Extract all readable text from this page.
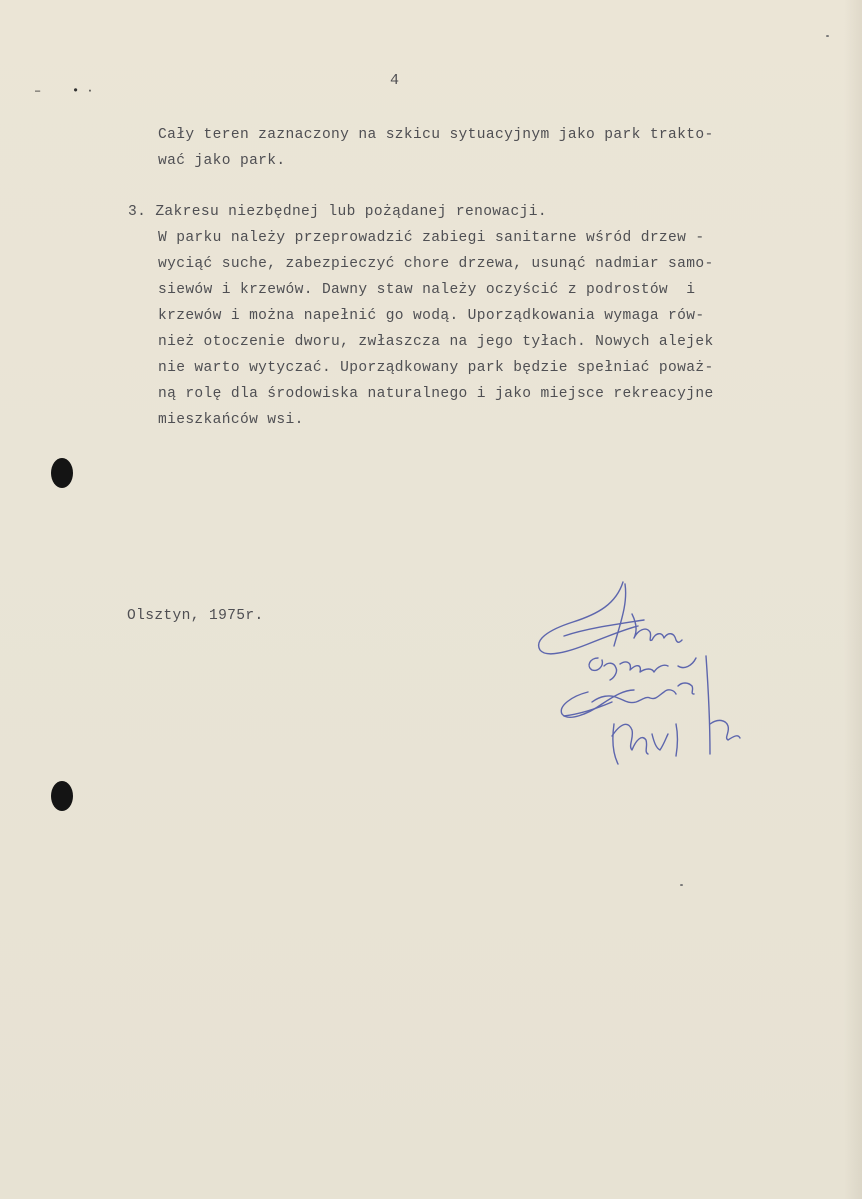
‒	• ·
4
Cały teren zaznaczony na szkicu sytuacyjnym jako park trakto-
wać jako park.
3. Zakresu niezbędnej lub pożądanej renowacji.
W parku należy przeprowadzić zabiegi sanitarne wśród drzew -
wyciąć suche, zabezpieczyć chore drzewa, usunąć nadmiar samo-
siewów i krzewów. Dawny staw należy oczyścić z podrostów  i
krzewów i można napełnić go wodą. Uporządkowania wymaga rów-
nież otoczenie dworu, zwłaszcza na jego tyłach. Nowych alejek
nie warto wytyczać. Uporządkowany park będzie spełniać poważ-
ną rolę dla środowiska naturalnego i jako miejsce rekreacyjne
mieszkańców wsi.
Olsztyn, 1975r.
